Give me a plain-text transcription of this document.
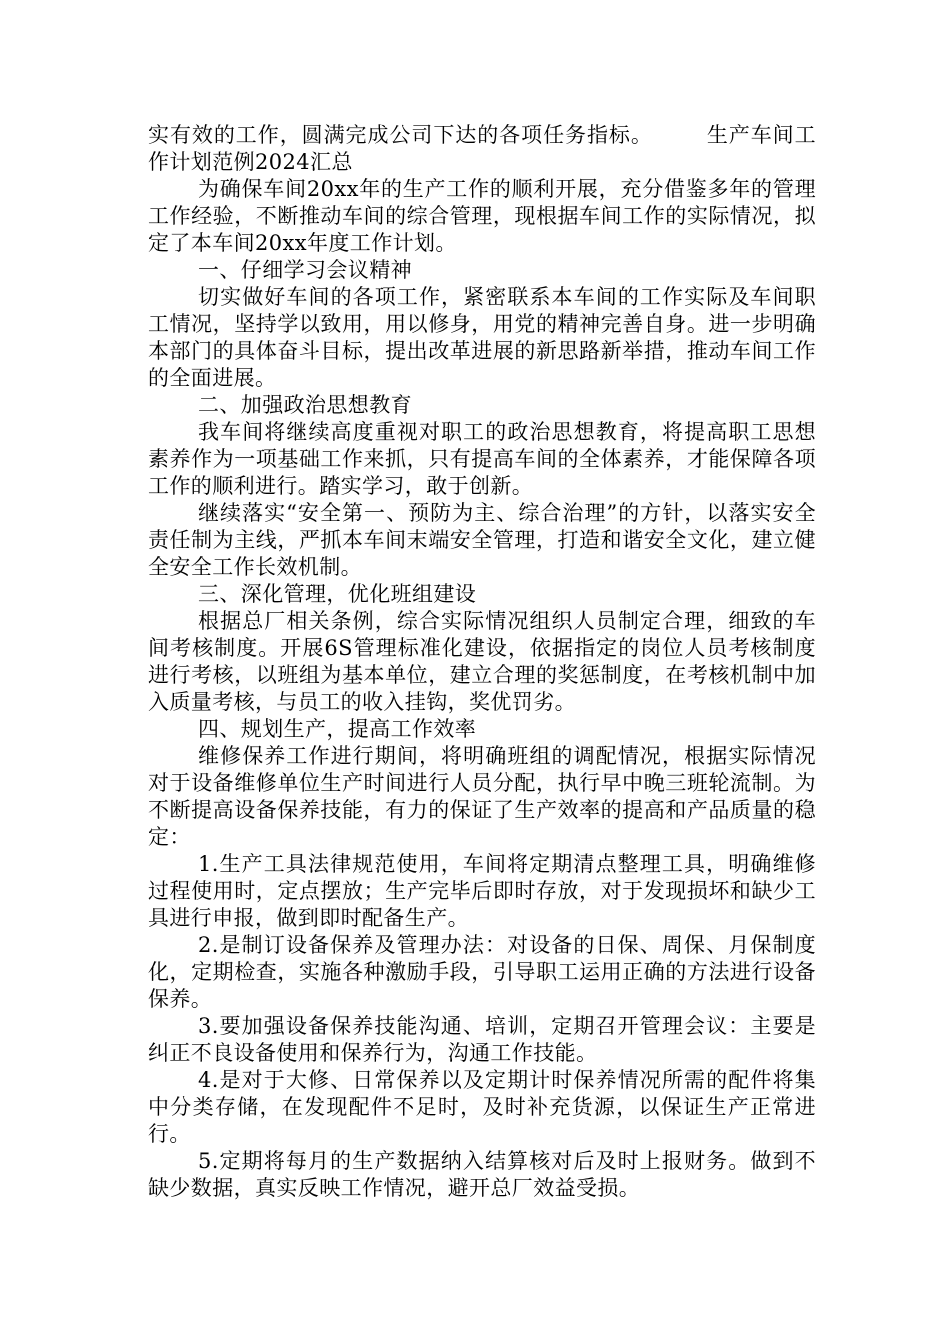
实有效的工作，圆满完成公司下达的各项任务指标。	生产车间工作计划范例2024汇总

为确保车间20xx年的生产工作的顺利开展，充分借鉴多年的管理工作经验，不断推动车间的综合管理，现根据车间工作的实际情况，拟定了本车间20xx年度工作计划。

一、仔细学习会议精神

切实做好车间的各项工作，紧密联系本车间的工作实际及车间职工情况，坚持学以致用，用以修身，用党的精神完善自身。进一步明确本部门的具体奋斗目标，提出改革进展的新思路新举措，推动车间工作的全面进展。

二、加强政治思想教育

我车间将继续高度重视对职工的政治思想教育，将提高职工思想素养作为一项基础工作来抓，只有提高车间的全体素养，才能保障各项工作的顺利进行。踏实学习，敢于创新。

继续落实“安全第一、预防为主、综合治理”的方针，以落实安全责任制为主线，严抓本车间末端安全管理，打造和谐安全文化，建立健全安全工作长效机制。

三、深化管理，优化班组建设

根据总厂相关条例，综合实际情况组织人员制定合理，细致的车间考核制度。开展6S管理标准化建设，依据指定的岗位人员考核制度进行考核，以班组为基本单位，建立合理的奖惩制度，在考核机制中加入质量考核，与员工的收入挂钩，奖优罚劣。

四、规划生产，提高工作效率

维修保养工作进行期间，将明确班组的调配情况，根据实际情况对于设备维修单位生产时间进行人员分配，执行早中晚三班轮流制。为不断提高设备保养技能，有力的保证了生产效率的提高和产品质量的稳定：

1.生产工具法律规范使用，车间将定期清点整理工具，明确维修过程使用时，定点摆放；生产完毕后即时存放，对于发现损坏和缺少工具进行申报，做到即时配备生产。

2.是制订设备保养及管理办法：对设备的日保、周保、月保制度化，定期检查，实施各种激励手段，引导职工运用正确的方法进行设备保养。

3.要加强设备保养技能沟通、培训，定期召开管理会议：主要是纠正不良设备使用和保养行为，沟通工作技能。

4.是对于大修、日常保养以及定期计时保养情况所需的配件将集中分类存储，在发现配件不足时，及时补充货源，以保证生产正常进行。

5.定期将每月的生产数据纳入结算核对后及时上报财务。做到不缺少数据，真实反映工作情况，避开总厂效益受损。
